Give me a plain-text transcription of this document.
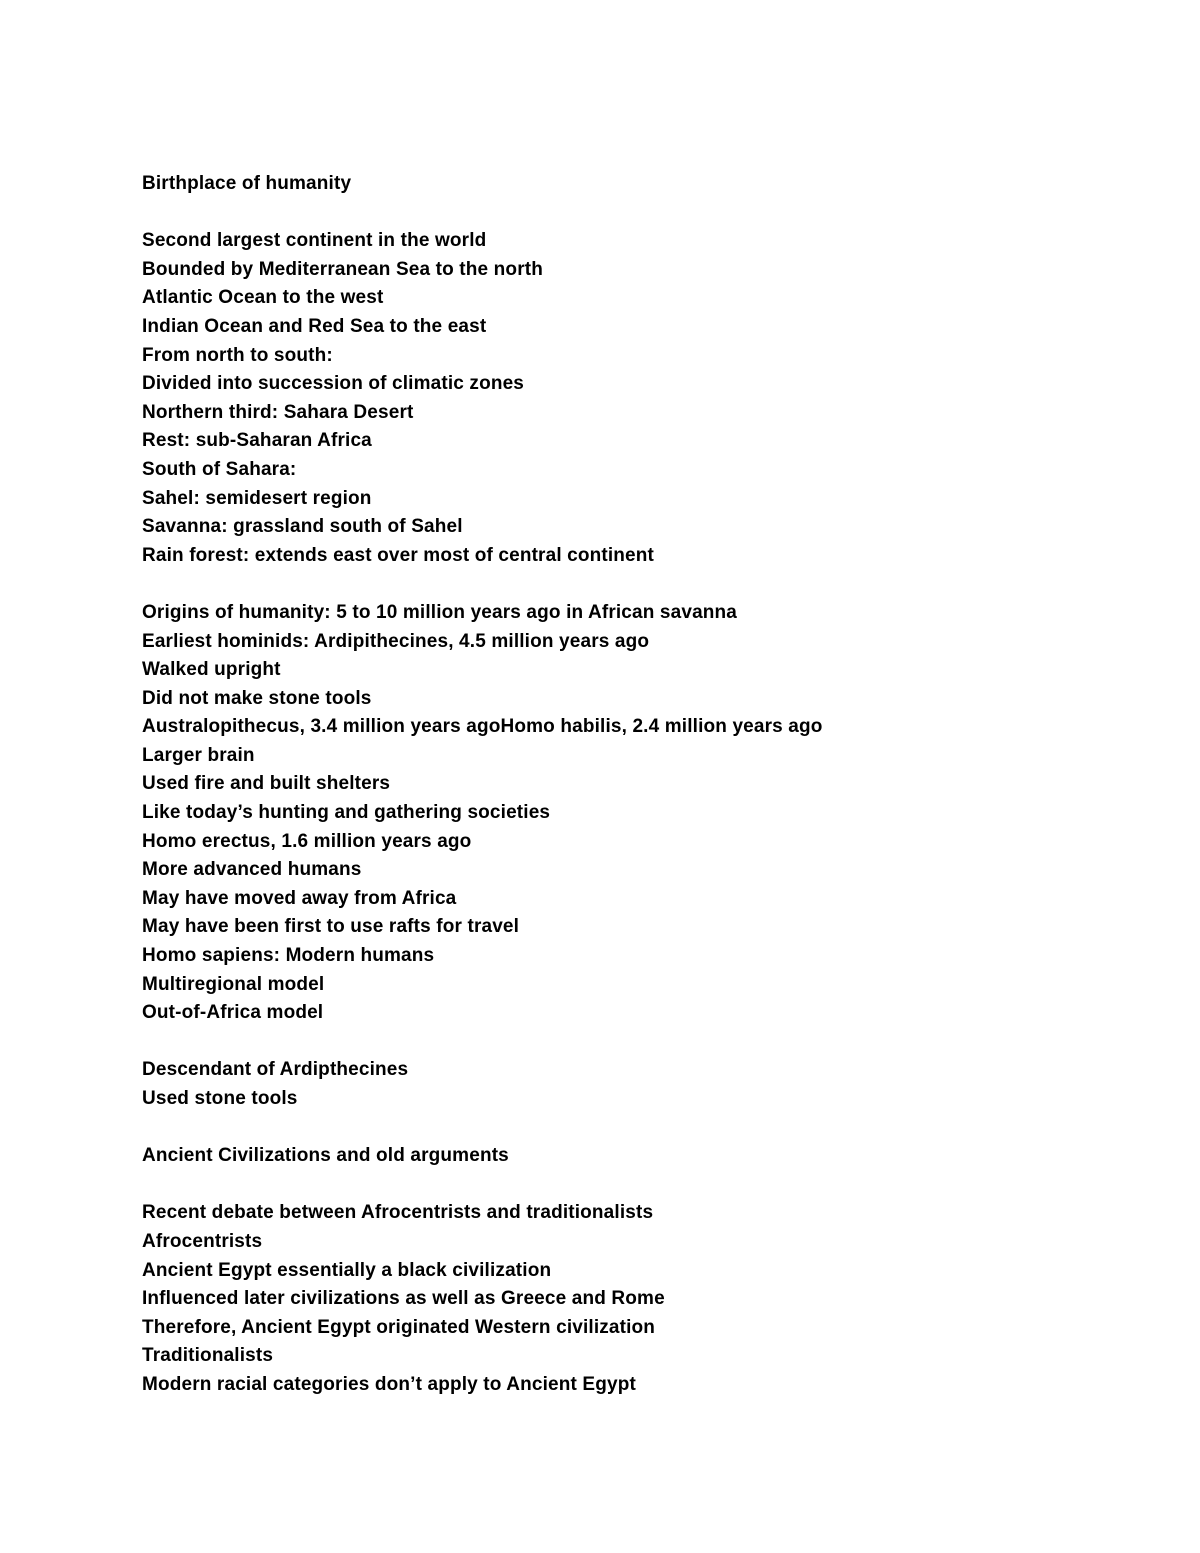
Birthplace of humanity
Second largest continent in the world
Bounded by Mediterranean Sea to the north
Atlantic Ocean to the west
Indian Ocean and Red Sea to the east
From north to south:
Divided into succession of climatic zones
Northern third: Sahara Desert
Rest: sub-Saharan Africa
South of Sahara:
Sahel: semidesert region
Savanna: grassland south of Sahel
Rain forest: extends east over most of central continent
Origins of humanity: 5 to 10 million years ago in African savanna
Earliest hominids: Ardipithecines, 4.5 million years ago
Walked upright
Did not make stone tools
Australopithecus, 3.4 million years agoHomo habilis, 2.4 million years ago
Larger brain
Used fire and built shelters
Like today’s hunting and gathering societies
Homo erectus, 1.6 million years ago
More advanced humans
May have moved away from Africa
May have been first to use rafts for travel
Homo sapiens: Modern humans
Multiregional model
Out-of-Africa model
Descendant of Ardipthecines
Used stone tools
Ancient Civilizations and old arguments
Recent debate between Afrocentrists and traditionalists
Afrocentrists
Ancient Egypt essentially a black civilization
Influenced later civilizations as well as Greece and Rome
Therefore, Ancient Egypt originated Western civilization
Traditionalists
Modern racial categories don’t apply to Ancient Egypt
